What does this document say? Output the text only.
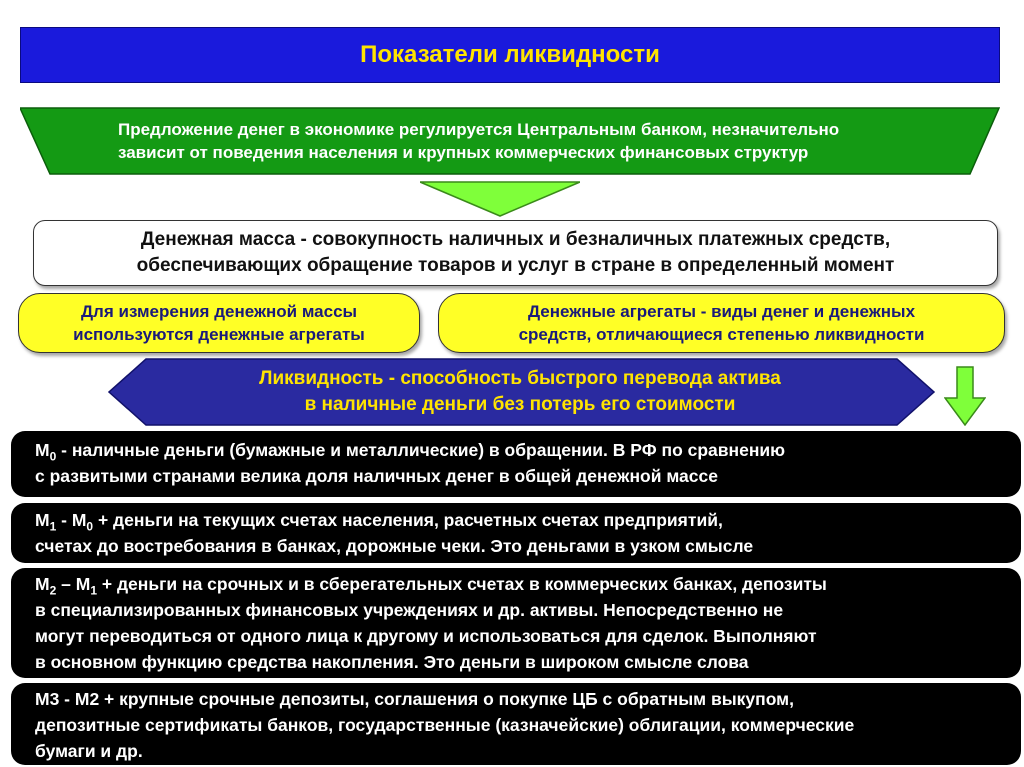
Показатели ликвидности
Предложение денег в экономике регулируется Центральным банком, незначительно
зависит от поведения населения и крупных коммерческих финансовых структур
Денежная масса - совокупность наличных и безналичных платежных средств,
обеспечивающих обращение товаров и услуг в стране в определенный момент
Для измерения денежной массы
используются денежные агрегаты
Денежные агрегаты - виды денег и денежных
средств, отличающиеся степенью ликвидности
Ликвидность - способность быстрого перевода актива
в наличные деньги без потерь его стоимости
$М_0$ - наличные деньги (бумажные и металлические) в обращении. В РФ по сравнению
с развитыми странами велика доля наличных денег в общей денежной массе
$М_1 - М_0$ + деньги на текущих счетах населения, расчетных счетах предприятий,
счетах до востребования в банках, дорожные чеки. Это деньгами в узком смысле
$М_2 - М_1$ + деньги на срочных и в сберегательных счетах в коммерческих банках, депозиты
в специализированных финансовых учреждениях и др. активы. Непосредственно не
могут переводиться от одного лица к другому и использоваться для сделок. Выполняют
в основном функцию средства накопления. Это деньги в широком смысле слова
М3 - М2 + крупные срочные депозиты, соглашения о покупке ЦБ с обратным выкупом,
депозитные сертификаты банков, государственные (казначейские) облигации, коммерческие
бумаги и др.
